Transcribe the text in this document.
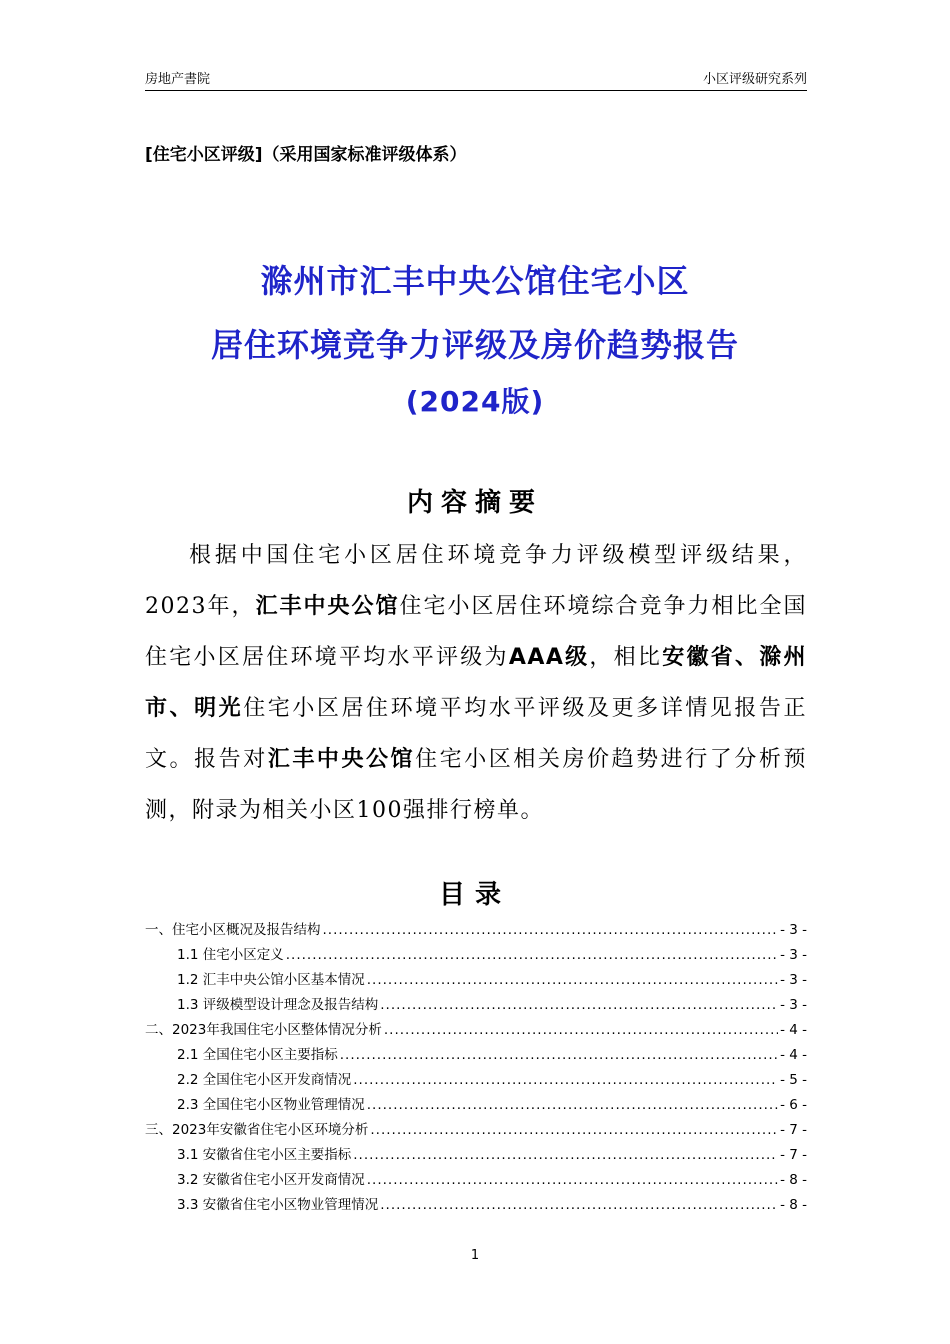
房地产書院	小区评级研究系列
[住宅小区评级]（采用国家标准评级体系）
滁州市汇丰中央公馆住宅小区
居住环境竞争力评级及房价趋势报告
(2024版)
内容摘要
根据中国住宅小区居住环境竞争力评级模型评级结果，2023年，汇丰中央公馆住宅小区居住环境综合竞争力相比全国住宅小区居住环境平均水平评级为AAA级，相比安徽省、滁州市、明光住宅小区居住环境平均水平评级及更多详情见报告正文。报告对汇丰中央公馆住宅小区相关房价趋势进行了分析预测，附录为相关小区100强排行榜单。
目录
一、住宅小区概况及报告结构 .....	- 3 -
1.1 住宅小区定义 .....	- 3 -
1.2 汇丰中央公馆小区基本情况 .....	- 3 -
1.3 评级模型设计理念及报告结构 .....	- 3 -
二、2023年我国住宅小区整体情况分析 .....	- 4 -
2.1 全国住宅小区主要指标 .....	- 4 -
2.2 全国住宅小区开发商情况 .....	- 5 -
2.3 全国住宅小区物业管理情况 .....	- 6 -
三、2023年安徽省住宅小区环境分析 .....	- 7 -
3.1 安徽省住宅小区主要指标 .....	- 7 -
3.2 安徽省住宅小区开发商情况 .....	- 8 -
3.3 安徽省住宅小区物业管理情况 .....	- 8 -
1
